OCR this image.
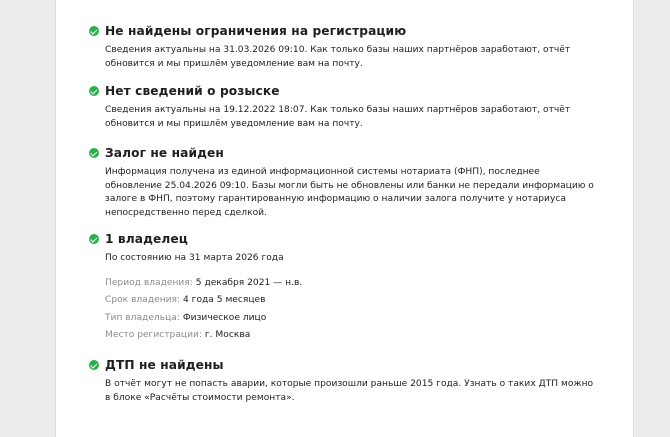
Не найдены ограничения на регистрацию
Сведения актуальны на 31.03.2026 09:10. Как только базы наших партнёров заработают, отчёт
обновится и мы пришлём уведомление вам на почту.
Нет сведений о розыске
Сведения актуальны на 19.12.2022 18:07. Как только базы наших партнёров заработают, отчёт
обновится и мы пришлём уведомление вам на почту.
Залог не найден
Информация получена из единой информационной системы нотариата (ФНП), последнее
обновление 25.04.2026 09:10. Базы могли быть не обновлены или банки не передали информацию о
залоге в ФНП, поэтому гарантированную информацию о наличии залога получите у нотариуса
непосредственно перед сделкой.
1 владелец
По состоянию на 31 марта 2026 года
Период владения: 5 декабря 2021 — н.в.
Срок владения: 4 года 5 месяцев
Тип владельца: Физическое лицо
Место регистрации: г. Москва
ДТП не найдены
В отчёт могут не попасть аварии, которые произошли раньше 2015 года. Узнать о таких ДТП можно
в блоке «Расчёты стоимости ремонта».
